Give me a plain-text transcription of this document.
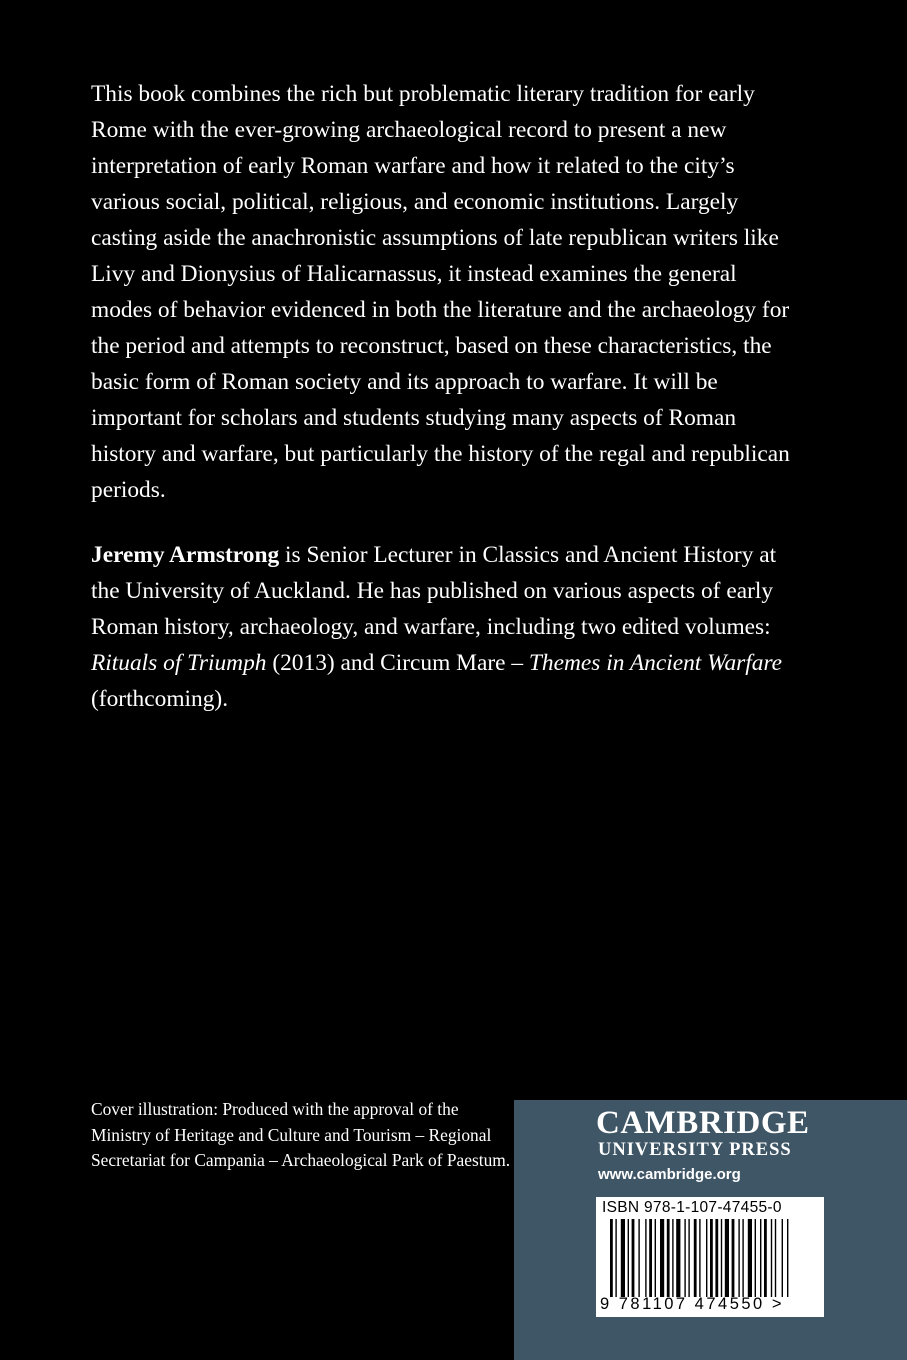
This book combines the rich but problematic literary tradition for early Rome with the ever-growing archaeological record to present a new interpretation of early Roman warfare and how it related to the city’s various social, political, religious, and economic institutions. Largely casting aside the anachronistic assumptions of late republican writers like Livy and Dionysius of Halicarnassus, it instead examines the general modes of behavior evidenced in both the literature and the archaeology for the period and attempts to reconstruct, based on these characteristics, the basic form of Roman society and its approach to warfare. It will be important for scholars and students studying many aspects of Roman history and warfare, but particularly the history of the regal and republican periods.

Jeremy Armstrong is Senior Lecturer in Classics and Ancient History at the University of Auckland. He has published on various aspects of early Roman history, archaeology, and warfare, including two edited volumes: Rituals of Triumph (2013) and Circum Mare – Themes in Ancient Warfare (forthcoming).

Cover illustration: Produced with the approval of the Ministry of Heritage and Culture and Tourism – Regional Secretariat for Campania – Archaeological Park of Paestum.

CAMBRIDGE
UNIVERSITY PRESS
www.cambridge.org
ISBN 978-1-107-47455-0
9 781107 474550 >
